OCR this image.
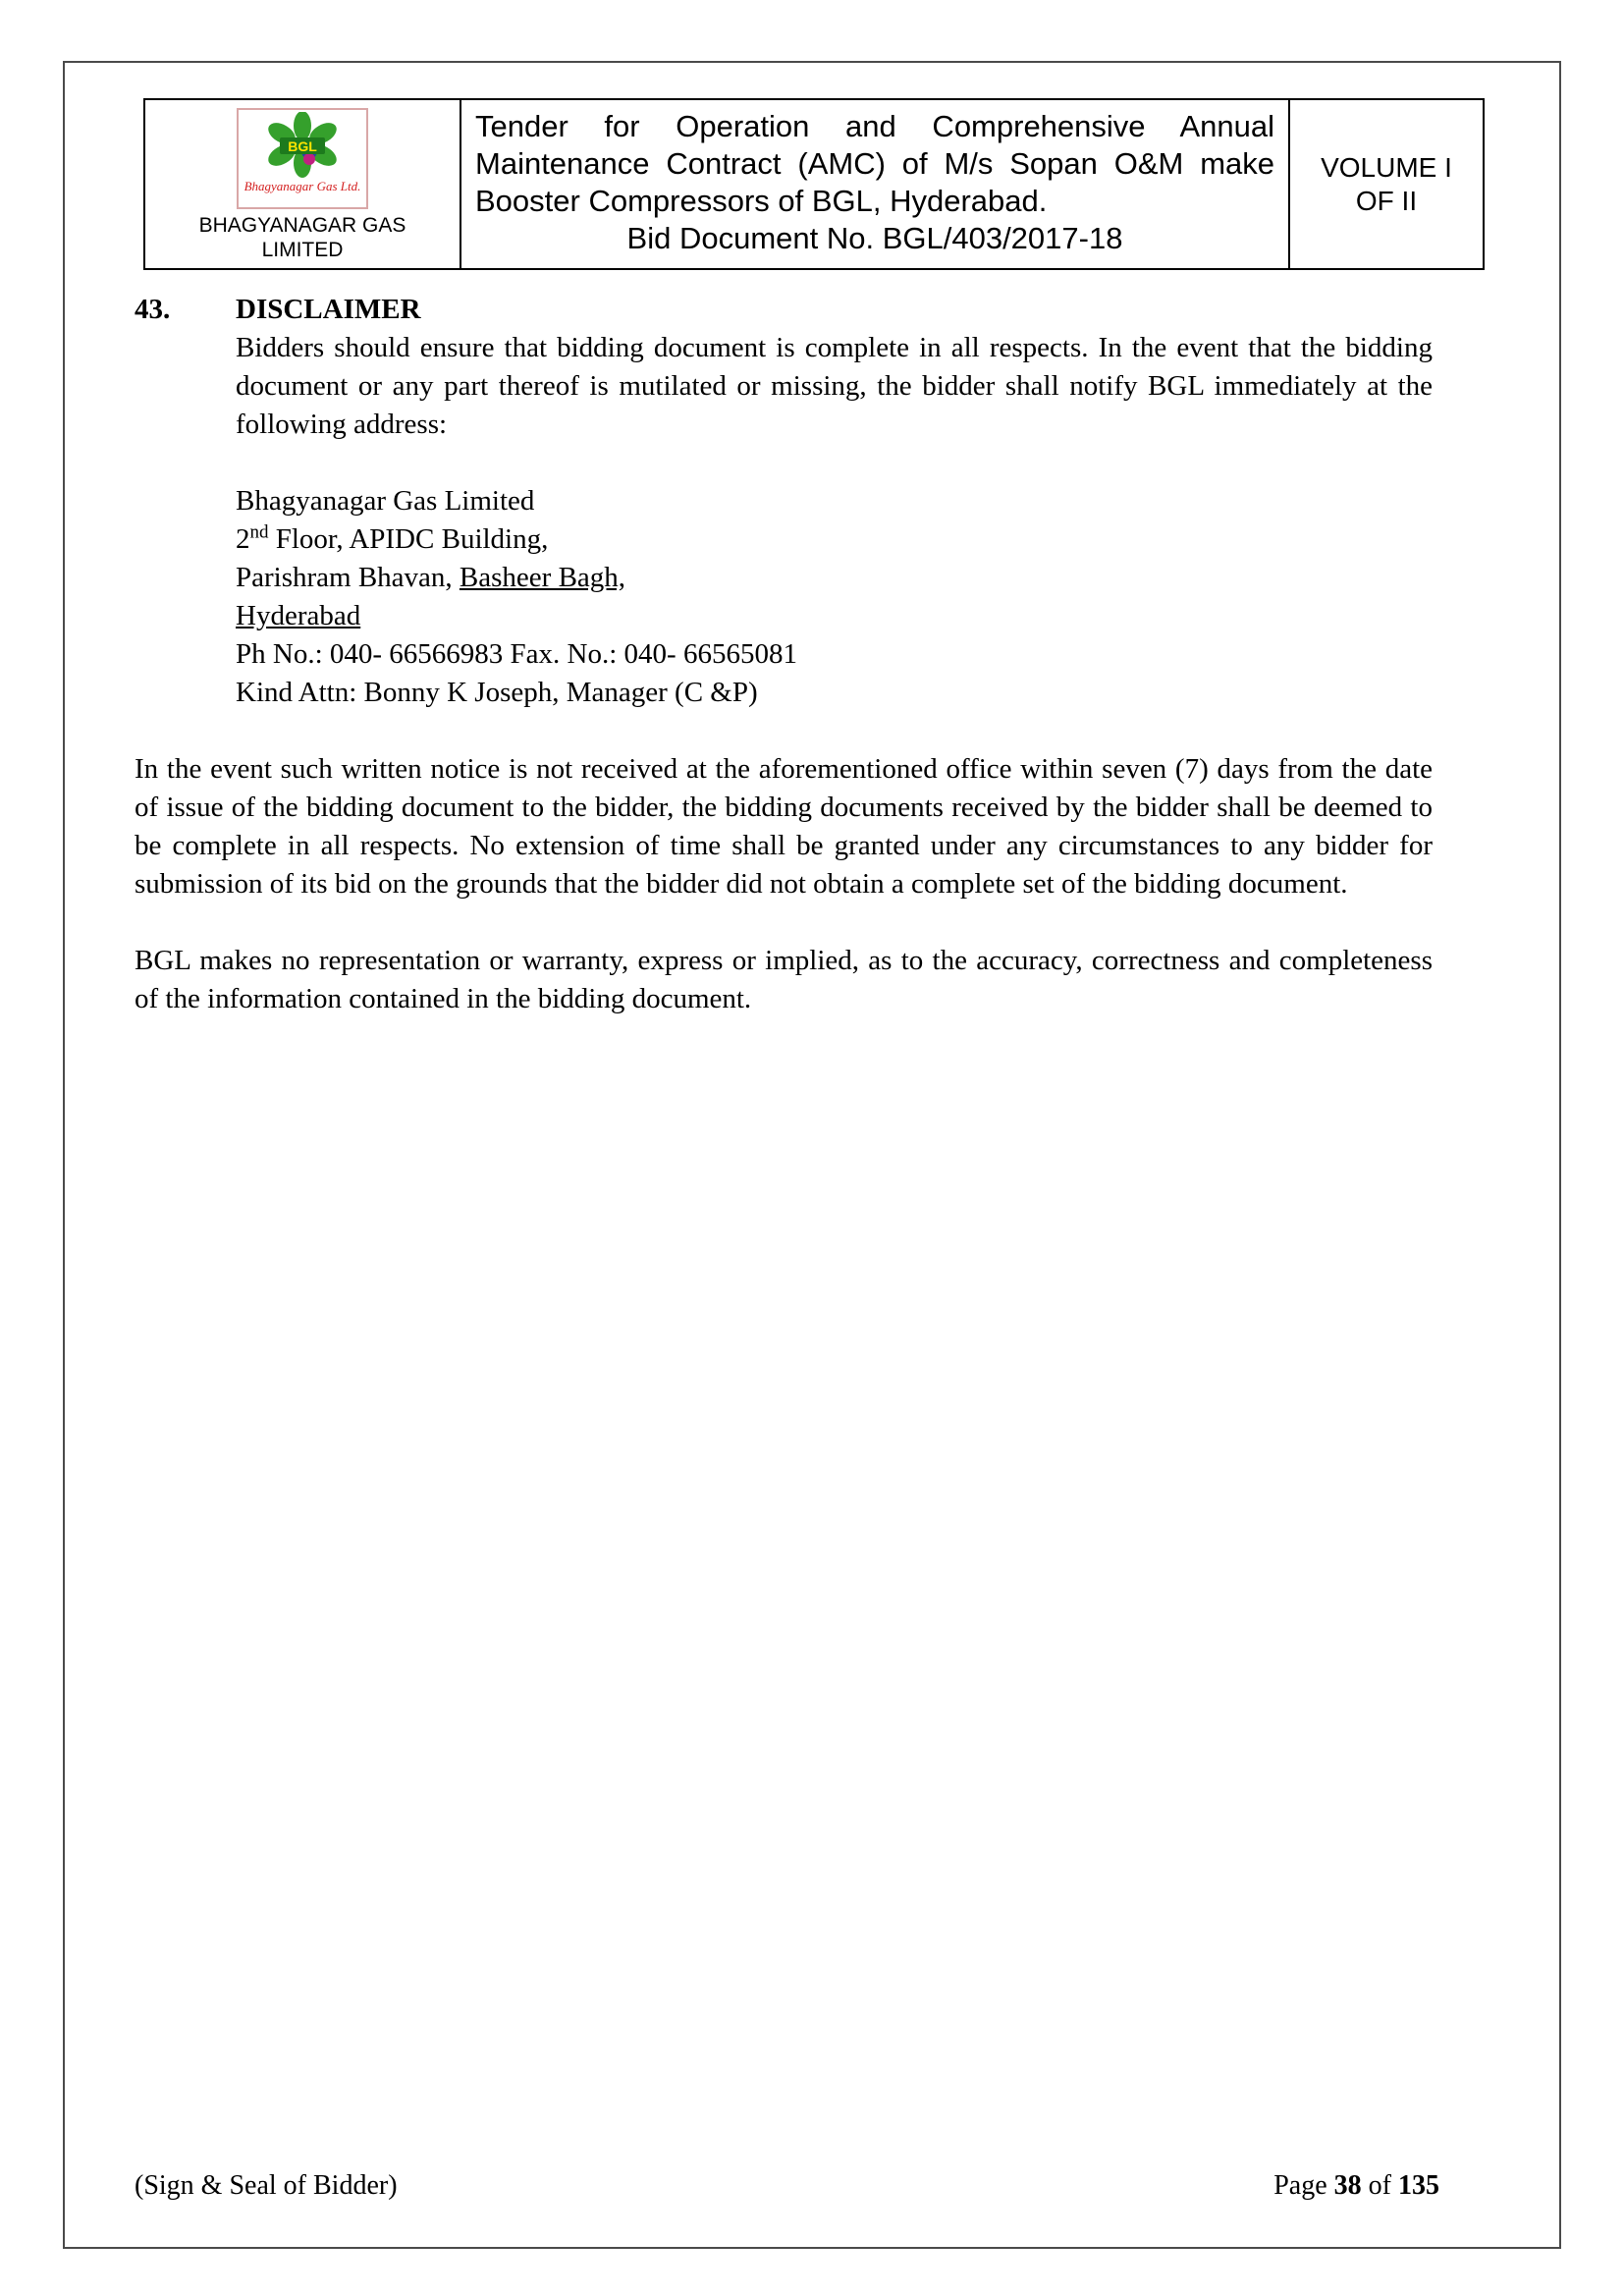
BGL
Bhagyanagar Gas Ltd.
BHAGYANAGAR GAS
LIMITED
Tender for Operation and Comprehensive Annual Maintenance Contract (AMC) of M/s Sopan O&M make Booster Compressors of BGL, Hyderabad.
Bid Document No. BGL/403/2017-18
VOLUME I
OF II
43.	DISCLAIMER
Bidders should ensure that bidding document is complete in all respects. In the event that the bidding document or any part thereof is mutilated or missing, the bidder shall notify BGL immediately at the following address:
Bhagyanagar Gas Limited
2nd Floor, APIDC Building,
Parishram Bhavan, Basheer Bagh,
Hyderabad
Ph No.: 040- 66566983 Fax. No.: 040- 66565081
Kind Attn: Bonny K Joseph, Manager (C &P)
In the event such written notice is not received at the aforementioned office within seven (7) days from the date of issue of the bidding document to the bidder, the bidding documents received by the bidder shall be deemed to be complete in all respects. No extension of time shall be granted under any circumstances to any bidder for submission of its bid on the grounds that the bidder did not obtain a complete set of the bidding document.
BGL makes no representation or warranty, express or implied, as to the accuracy, correctness and completeness of the information contained in the bidding document.
(Sign & Seal of Bidder)	Page 38 of 135
